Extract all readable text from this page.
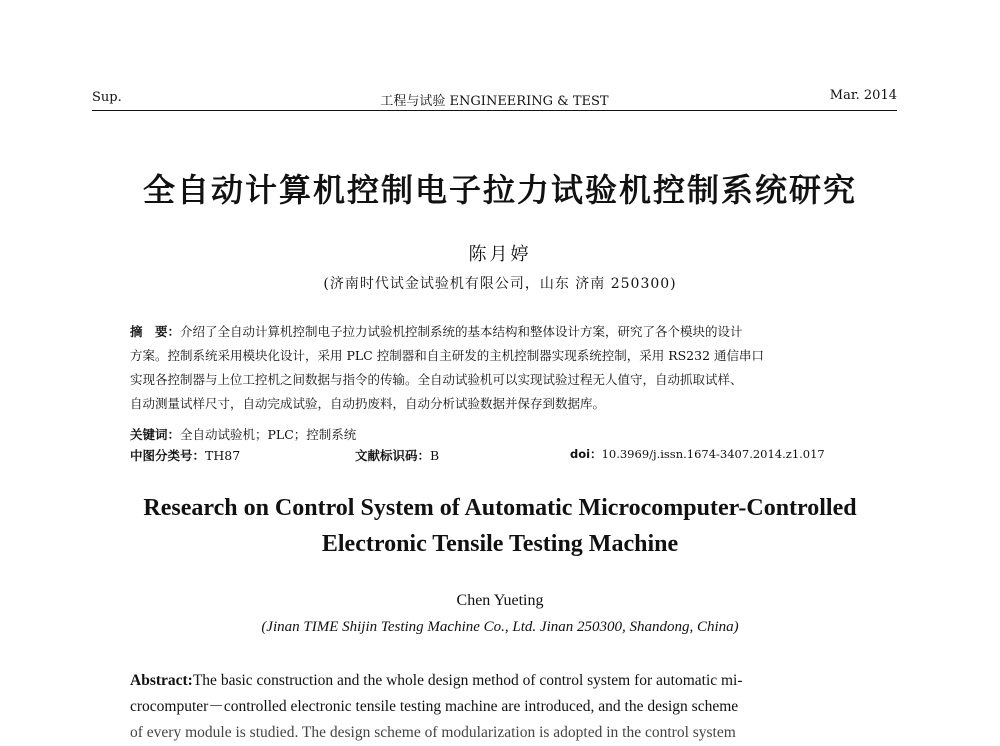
Sup.	工程与试验 ENGINEERING & TEST	Mar. 2014
全自动计算机控制电子拉力试验机控制系统研究
陈月婷
(济南时代试金试验机有限公司，山东 济南 250300)
摘　要：介绍了全自动计算机控制电子拉力试验机控制系统的基本结构和整体设计方案，研究了各个模块的设计
方案。控制系统采用模块化设计，采用 PLC 控制器和自主研发的主机控制器实现系统控制，采用 RS232 通信串口
实现各控制器与上位工控机之间数据与指令的传输。全自动试验机可以实现试验过程无人值守，自动抓取试样、
自动测量试样尺寸，自动完成试验，自动扔废料，自动分析试验数据并保存到数据库。
关键词：全自动试验机；PLC；控制系统
中图分类号：TH87	文献标识码：B	doi：10.3969/j.issn.1674-3407.2014.z1.017
Research on Control System of Automatic Microcomputer-Controlled
Electronic Tensile Testing Machine
Chen Yueting
(Jinan TIME Shijin Testing Machine Co., Ltd. Jinan 250300, Shandong, China)
Abstract:The basic construction and the whole design method of control system for automatic mi-
crocomputer－controlled electronic tensile testing machine are introduced, and the design scheme
of every module is studied. The design scheme of modularization is adopted in the control system
